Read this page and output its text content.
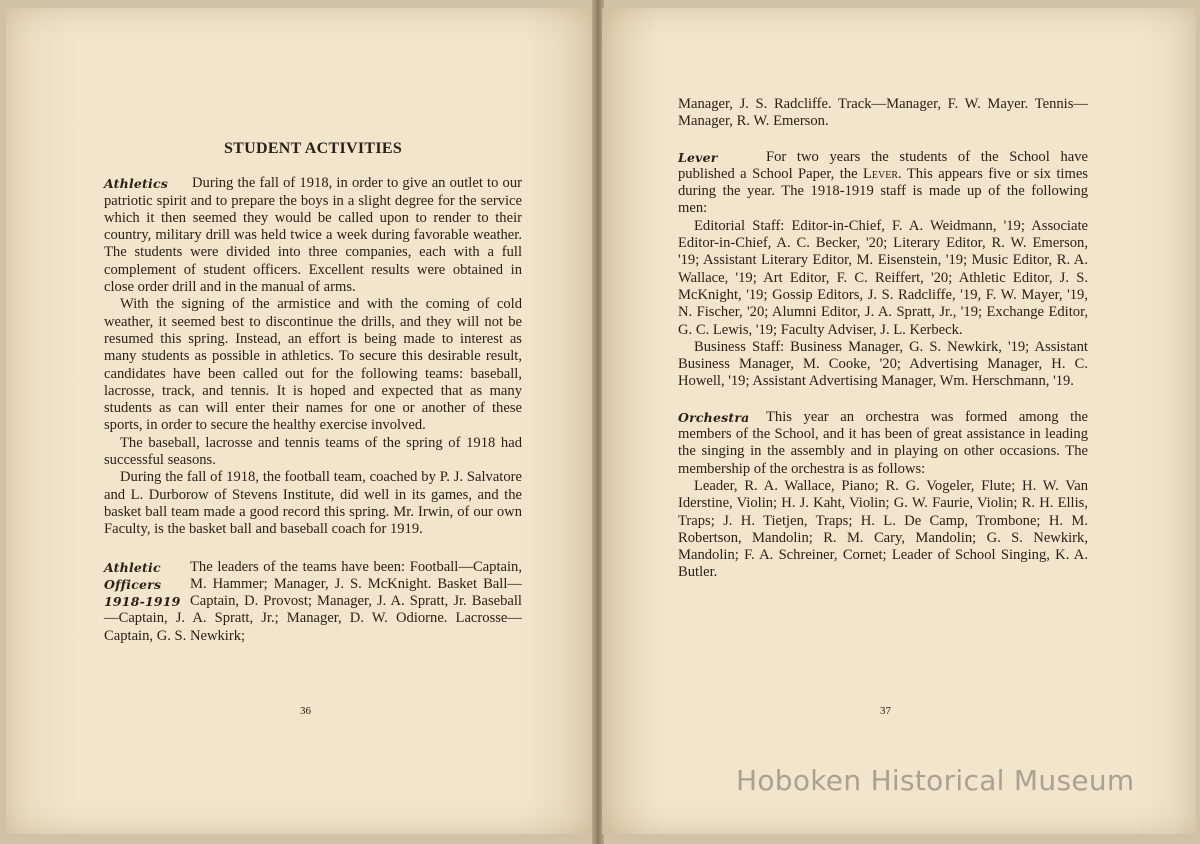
STUDENT ACTIVITIES
Athletics	During the fall of 1918, in order to give an outlet to our patriotic spirit and to prepare the boys in a slight degree for the service which it then seemed they would be called upon to render to their country, military drill was held twice a week during favorable weather. The students were divided into three companies, each with a full complement of student officers. Excellent results were obtained in close order drill and in the manual of arms.

With the signing of the armistice and with the coming of cold weather, it seemed best to discontinue the drills, and they will not be resumed this spring. Instead, an effort is being made to interest as many students as possible in athletics. To secure this desirable result, candidates have been called out for the following teams: baseball, lacrosse, track, and tennis. It is hoped and expected that as many students as can will enter their names for one or another of these sports, in order to secure the healthy exercise involved.

The baseball, lacrosse and tennis teams of the spring of 1918 had successful seasons.

During the fall of 1918, the football team, coached by P. J. Salvatore and L. Durborow of Stevens Institute, did well in its games, and the basket ball team made a good record this spring. Mr. Irwin, of our own Faculty, is the basket ball and baseball coach for 1919.

Athletic
Officers
1918-1919

The leaders of the teams have been: Football—Captain, M. Hammer; Manager, J. S. McKnight. Basket Ball—Captain, D. Provost; Manager, J. A. Spratt, Jr. Baseball—Captain, J. A. Spratt, Jr.; Manager, D. W. Odiorne. Lacrosse—Captain, G. S. Newkirk;

36

Manager, J. S. Radcliffe. Track—Manager, F. W. Mayer. Tennis—Manager, R. W. Emerson.

Lever	For two years the students of the School have published a School Paper, the Lever. This appears five or six times during the year. The 1918-1919 staff is made up of the following men:

Editorial Staff: Editor-in-Chief, F. A. Weidmann, '19; Associate Editor-in-Chief, A. C. Becker, '20; Literary Editor, R. W. Emerson, '19; Assistant Literary Editor, M. Eisenstein, '19; Music Editor, R. A. Wallace, '19; Art Editor, F. C. Reiffert, '20; Athletic Editor, J. S. McKnight, '19; Gossip Editors, J. S. Radcliffe, '19, F. W. Mayer, '19, N. Fischer, '20; Alumni Editor, J. A. Spratt, Jr., '19; Exchange Editor, G. C. Lewis, '19; Faculty Adviser, J. L. Kerbeck.

Business Staff: Business Manager, G. S. Newkirk, '19; Assistant Business Manager, M. Cooke, '20; Advertising Manager, H. C. Howell, '19; Assistant Advertising Manager, Wm. Herschmann, '19.

Orchestra	This year an orchestra was formed among the members of the School, and it has been of great assistance in leading the singing in the assembly and in playing on other occasions. The membership of the orchestra is as follows:

Leader, R. A. Wallace, Piano; R. G. Vogeler, Flute; H. W. Van Iderstine, Violin; H. J. Kaht, Violin; G. W. Faurie, Violin; R. H. Ellis, Traps; J. H. Tietjen, Traps; H. L. De Camp, Trombone; H. M. Robertson, Mandolin; R. M. Cary, Mandolin; G. S. Newkirk, Mandolin; F. A. Schreiner, Cornet; Leader of School Singing, K. A. Butler.

37
Hoboken Historical Museum
